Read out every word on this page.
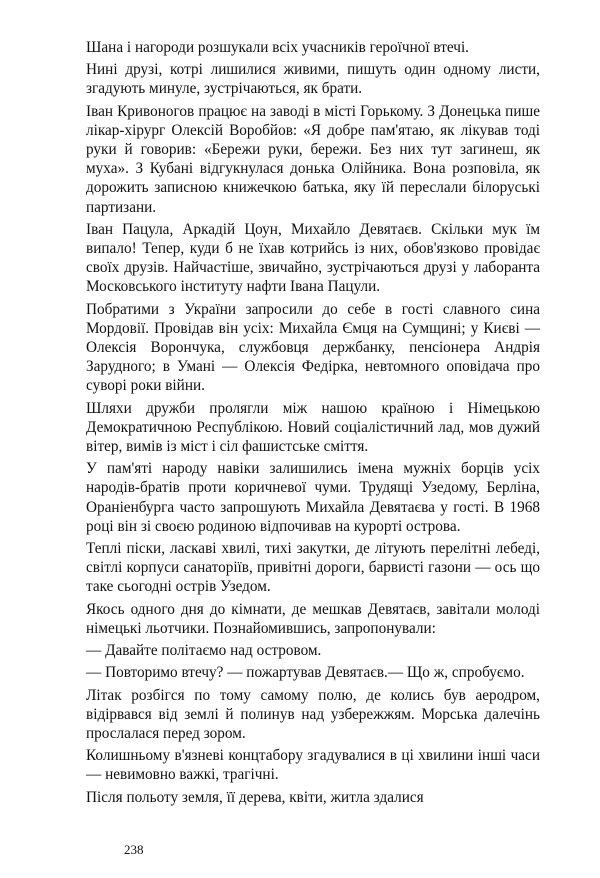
Шана і нагороди розшукали всіх учасників героїчної втечі.

Нині друзі, котрі лишилися живими, пишуть один одному листи, згадують минуле, зустрічаються, як брати.

Іван Кривоногов працює на заводі в місті Горькому. З Донецька пише лікар-хірург Олексій Воробйов: «Я добре пам'ятаю, як лікував тоді руки й говорив: «Бережи руки, бережи. Без них тут загинеш, як муха». З Кубані відгукнулася донька Олійника. Вона розповіла, як дорожить записною книжечкою батька, яку їй переслали білоруські партизани.

Іван Пацула, Аркадій Цоун, Михайло Девятаєв. Скільки мук їм випало! Тепер, куди б не їхав котрийсь із них, обов'язково провідає своїх друзів. Найчастіше, звичайно, зустрічаються друзі у лаборанта Московського інституту нафти Івана Пацули.

Побратими з України запросили до себе в гості славного сина Мордовії. Провідав він усіх: Михайла Ємця на Сумщині; у Києві — Олексія Ворончука, службовця держбанку, пенсіонера Андрія Зарудного; в Умані — Олексія Федірка, невтомного оповідача про суворі роки війни.

Шляхи дружби пролягли між нашою країною і Німецькою Демократичною Республікою. Новий соціалістичний лад, мов дужий вітер, вимів із міст і сіл фашистське сміття.

У пам'яті народу навіки залишились імена мужніх борців усіх народів-братів проти коричневої чуми. Трудящі Узедому, Берліна, Ораніенбурга часто запрошують Михайла Девятаєва у гості. В 1968 році він зі своєю родиною відпочивав на курорті острова.

Теплі піски, ласкаві хвилі, тихі закутки, де літують перелітні лебеді, світлі корпуси санаторіїв, привітні дороги, барвисті газони — ось що таке сьогодні острів Узедом.

Якось одного дня до кімнати, де мешкав Девятаєв, завітали молоді німецькі льотчики. Познайомившись, запропонували:

— Давайте політаємо над островом.

— Повторимо втечу? — пожартував Девятаєв.— Що ж, спробуємо.

Літак розбігся по тому самому полю, де колись був аеродром, відірвався від землі й полинув над узбережжям. Морська далечінь прослалася перед зором.

Колишньому в'язневі концтабору згадувалися в ці хвилини інші часи — невимовно важкі, трагічні.

Після польоту земля, її дерева, квіти, житла здалися

238
